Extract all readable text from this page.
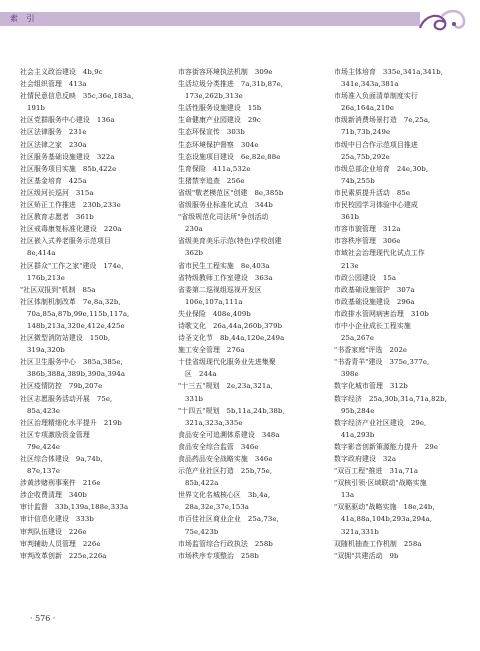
索 引

社会主义政治建设　4b,9c

社会组织管理　413a

社情民意信息反映　35c,36e,183a,

　191b

社区党群服务中心建设　136a

社区法律服务　231e

社区法律之家　230a

社区服务基础设施建设　322a

社区服务项目实施　85b,422e

社区基金培育　425a

社区级河长巡河　315a

社区矫正工作推进　230b,233e

社区教育志愿者　361b

社区戒毒康复标准化建设　220a

社区嵌入式养老服务示范项目

　8e,414a

社区群众"工作之家"建设　174e,

　176b,213e

"社区双报到"机制　85a

社区体制机制改革　7e,8a,32b,

　70a,85a,87b,99e,115b,117a,

　148b,213a,320e,412e,425e

社区微型消防站建设　150b,

　319a,320b

社区卫生服务中心　385a,385e,

　386b,388a,389b,390a,394a

社区疫情防控　79b,207e

社区志愿服务活动开展　75e,

　85a,423e

社区治理精细化水平提升　219b

社区专项激励资金管理

　79e,424e

社区综合体建设　9a,74b,

　87e,137e

涉黄涉赌刑事案件　216e

涉企收费清理　340b

审计监督　33b,139a,188e,333a

审计信息化建设　333b

审判队伍建设　226e

审判辅助人员管理　226e

审判改革创新　225e,226a

市容街容环境执法机制　309e

生活垃圾分类推进　7a,31b,87e,

　173e,262b,313e

生活性服务设施建设　15b

生命健康产业园建设　29c

生态环保宣传　303b

生态环境保护督察　304e

生态设施项目建设　6e,82e,88e

生育保险　411a,532e

生猪禁宰追查　256e

省级"敬老模范区"创建　8e,385b

省级服务业标准化试点　344b

"省级规范化司法所"争创活动

　230a

省级美育美乐示范(特色)学校创建

　362b

省市民生工程实施　8e,403a

省特级教师工作室建设　363a

省委第二巡视组巡视开发区

　106e,107a,111a

失业保险　408e,409b

诗歌文化　26a,44a,260b,379b

诗圣文化节　8b,44a,120e,249a

施工安全管理　276a

十佳省级现代化服务业先进集聚

　区　244a

"十三五"规划　2e,23a,321a,

　331b

"十四五"规划　5b,11a,24b,38b,

　321a,323a,335e

食品安全可追溯体系建设　348a

食品安全综合监管　346e

食品药品安全战略实施　346e

示范产业社区打造　25b,75e,

　85b,422a

世界文化名城核心区　3b,4a,

　28a,32e,37e,153a

市百佳社区商业企业　25a,73e,

　75e,423b

市场监管综合行政执法　258b

市场秩序专项整治　258b

市场主体培育　335e,341a,341b,

　341e,343a,381a

市场准入负面清单制度实行

　26a,164a,210e

市级新消费场景打造　7e,25a,

　71b,73b,249e

市级中日合作示范项目推进

　25a,75b,292e

市级总部企业培育　24e,30b,

　74b,255b

市民素质提升活动　85e

市民校园学习体验中心建成

　361b

市容市貌管理　312a

市容秩序管理　306e

市域社会治理现代化试点工作

　213e

市政公园建设　15a

市政基础设施管护　307a

市政基础设施建设　296a

市政排水管网病害治理　310b

市中小企业成长工程实施

　25a,267e

"书香家庭"评选　202e

"书香青羊"建设　375e,377e,

　398e

数字化城市管理　312b

数字经济　25a,30b,31a,71a,82b,

　95b,284e

数字经济产业社区建设　29e,

　41a,293b

数字影音创新策源能力提升　29e

数字政府建设　32a

"双百工程"推进　31a,71a

"双核引领·区域联动"战略实施

　13a

"双驱驱动"战略实施　18e,24b,

　41a,88a,104b,293a,294a,

　321a,331b

双随机抽查工作机制　258a

"双拥"共建活动　9b

· 576 ·
